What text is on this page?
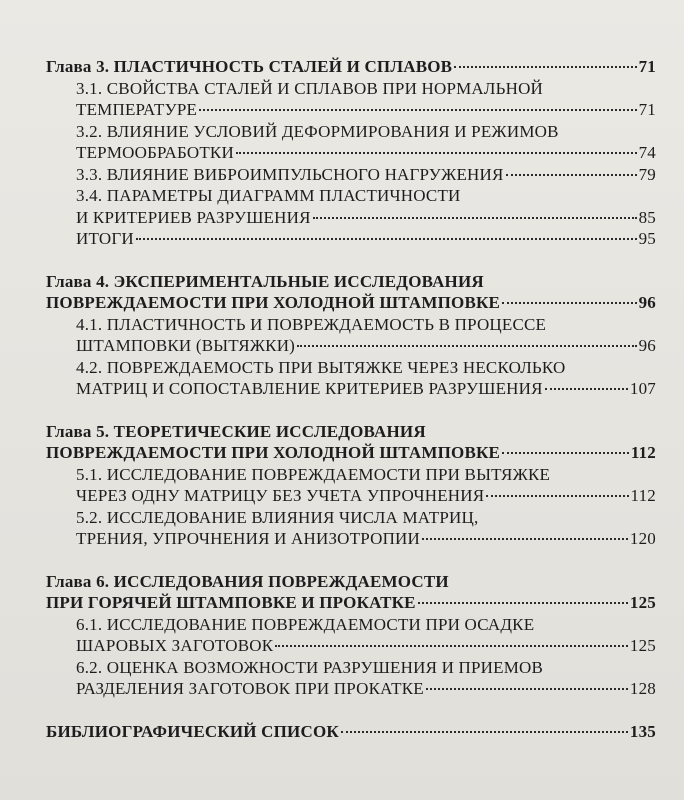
Глава 3. ПЛАСТИЧНОСТЬ СТАЛЕЙ И СПЛАВОВ	71
3.1. СВОЙСТВА СТАЛЕЙ И СПЛАВОВ ПРИ НОРМАЛЬНОЙ
ТЕМПЕРАТУРЕ	71
3.2. ВЛИЯНИЕ УСЛОВИЙ ДЕФОРМИРОВАНИЯ И РЕЖИМОВ
ТЕРМООБРАБОТКИ	74
3.3. ВЛИЯНИЕ ВИБРОИМПУЛЬСНОГО НАГРУЖЕНИЯ	79
3.4. ПАРАМЕТРЫ ДИАГРАММ ПЛАСТИЧНОСТИ
И КРИТЕРИЕВ РАЗРУШЕНИЯ	85
ИТОГИ	95
Глава 4. ЭКСПЕРИМЕНТАЛЬНЫЕ ИССЛЕДОВАНИЯ
ПОВРЕЖДАЕМОСТИ ПРИ ХОЛОДНОЙ ШТАМПОВКЕ	96
4.1. ПЛАСТИЧНОСТЬ И ПОВРЕЖДАЕМОСТЬ В ПРОЦЕССЕ
ШТАМПОВКИ (ВЫТЯЖКИ)	96
4.2. ПОВРЕЖДАЕМОСТЬ ПРИ ВЫТЯЖКЕ ЧЕРЕЗ НЕСКОЛЬКО
МАТРИЦ И СОПОСТАВЛЕНИЕ КРИТЕРИЕВ РАЗРУШЕНИЯ	107
Глава 5. ТЕОРЕТИЧЕСКИЕ ИССЛЕДОВАНИЯ
ПОВРЕЖДАЕМОСТИ ПРИ ХОЛОДНОЙ ШТАМПОВКЕ	112
5.1. ИССЛЕДОВАНИЕ ПОВРЕЖДАЕМОСТИ ПРИ ВЫТЯЖКЕ
ЧЕРЕЗ ОДНУ МАТРИЦУ БЕЗ УЧЕТА УПРОЧНЕНИЯ	112
5.2. ИССЛЕДОВАНИЕ ВЛИЯНИЯ ЧИСЛА МАТРИЦ,
ТРЕНИЯ, УПРОЧНЕНИЯ И АНИЗОТРОПИИ	120
Глава 6. ИССЛЕДОВАНИЯ ПОВРЕЖДАЕМОСТИ
ПРИ ГОРЯЧЕЙ ШТАМПОВКЕ И ПРОКАТКЕ	125
6.1. ИССЛЕДОВАНИЕ ПОВРЕЖДАЕМОСТИ ПРИ ОСАДКЕ
ШАРОВЫХ ЗАГОТОВОК	125
6.2. ОЦЕНКА ВОЗМОЖНОСТИ РАЗРУШЕНИЯ И ПРИЕМОВ
РАЗДЕЛЕНИЯ ЗАГОТОВОК ПРИ ПРОКАТКЕ	128
БИБЛИОГРАФИЧЕСКИЙ СПИСОК	135
